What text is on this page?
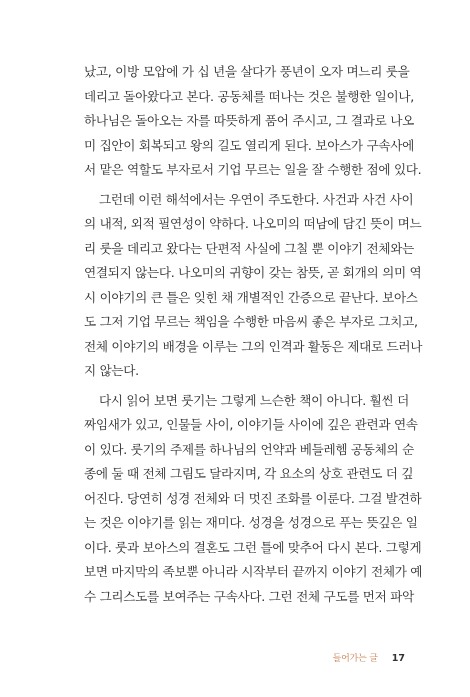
났고, 이방 모압에 가 십 년을 살다가 풍년이 오자 며느리 룻을
데리고 돌아왔다고 본다. 공동체를 떠나는 것은 불행한 일이나,
하나님은 돌아오는 자를 따뜻하게 품어 주시고, 그 결과로 나오
미 집안이 회복되고 왕의 길도 열리게 된다. 보아스가 구속사에
서 맡은 역할도 부자로서 기업 무르는 일을 잘 수행한 점에 있다.
그런데 이런 해석에서는 우연이 주도한다. 사건과 사건 사이
의 내적, 외적 필연성이 약하다. 나오미의 떠남에 담긴 뜻이 며느
리 룻을 데리고 왔다는 단편적 사실에 그칠 뿐 이야기 전체와는
연결되지 않는다. 나오미의 귀향이 갖는 참뜻, 곧 회개의 의미 역
시 이야기의 큰 틀은 잊힌 채 개별적인 간증으로 끝난다. 보아스
도 그저 기업 무르는 책임을 수행한 마음씨 좋은 부자로 그치고,
전체 이야기의 배경을 이루는 그의 인격과 활동은 제대로 드러나
지 않는다.
다시 읽어 보면 룻기는 그렇게 느슨한 책이 아니다. 훨씬 더
짜임새가 있고, 인물들 사이, 이야기들 사이에 깊은 관련과 연속
이 있다. 룻기의 주제를 하나님의 언약과 베들레헴 공동체의 순
종에 둘 때 전체 그림도 달라지며, 각 요소의 상호 관련도 더 깊
어진다. 당연히 성경 전체와 더 멋진 조화를 이룬다. 그걸 발견하
는 것은 이야기를 읽는 재미다. 성경을 성경으로 푸는 뜻깊은 일
이다. 룻과 보아스의 결혼도 그런 틀에 맞추어 다시 본다. 그렇게
보면 마지막의 족보뿐 아니라 시작부터 끝까지 이야기 전체가 예
수 그리스도를 보여주는 구속사다. 그런 전체 구도를 먼저 파악
들어가는 글 17
